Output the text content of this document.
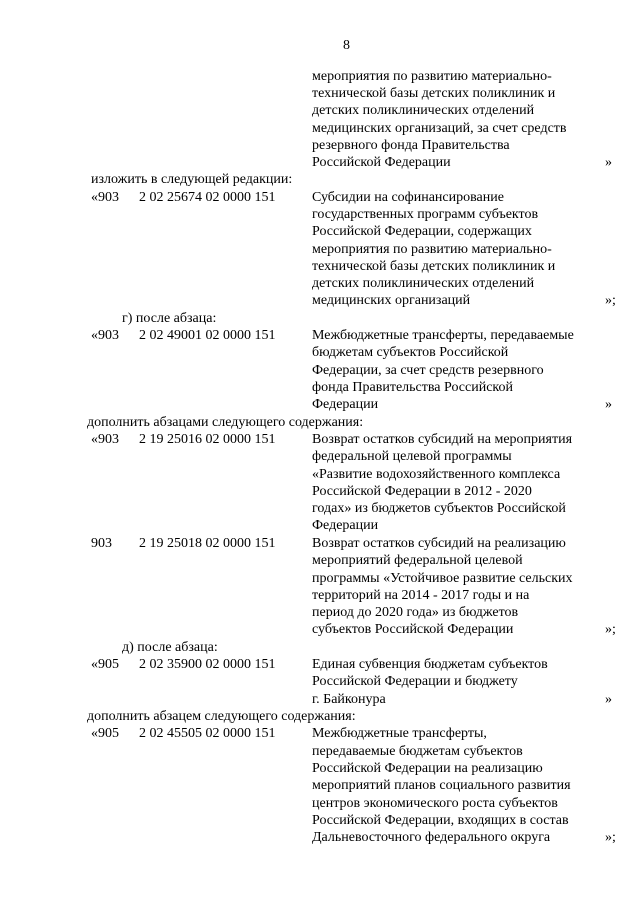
8
мероприятия по развитию материально-
технической базы детских поликлиник и
детских поликлинических отделений
медицинских организаций, за счет средств
резервного фонда Правительства
Российской Федерации	»
изложить в следующей редакции:
«903 2 02 25674 02 0000 151	Субсидии на софинансирование
государственных программ субъектов
Российской Федерации, содержащих
мероприятия по развитию материально-
технической базы детских поликлиник и
детских поликлинических отделений
медицинских организаций	»;
г) после абзаца:
«903 2 02 49001 02 0000 151	Межбюджетные трансферты, передаваемые
бюджетам субъектов Российской
Федерации, за счет средств резервного
фонда Правительства Российской
Федерации	»
дополнить абзацами следующего содержания:
«903 2 19 25016 02 0000 151	Возврат остатков субсидий на мероприятия
федеральной целевой программы
«Развитие водохозяйственного комплекса
Российской Федерации в 2012 - 2020
годах» из бюджетов субъектов Российской
Федерации
903 2 19 25018 02 0000 151	Возврат остатков субсидий на реализацию
мероприятий федеральной целевой
программы «Устойчивое развитие сельских
территорий на 2014 - 2017 годы и на
период до 2020 года» из бюджетов
субъектов Российской Федерации	»;
д) после абзаца:
«905 2 02 35900 02 0000 151	Единая субвенция бюджетам субъектов
Российской Федерации и бюджету
г. Байконура	»
дополнить абзацем следующего содержания:
«905 2 02 45505 02 0000 151	Межбюджетные трансферты,
передаваемые бюджетам субъектов
Российской Федерации на реализацию
мероприятий планов социального развития
центров экономического роста субъектов
Российской Федерации, входящих в состав
Дальневосточного федерального округа	»;
